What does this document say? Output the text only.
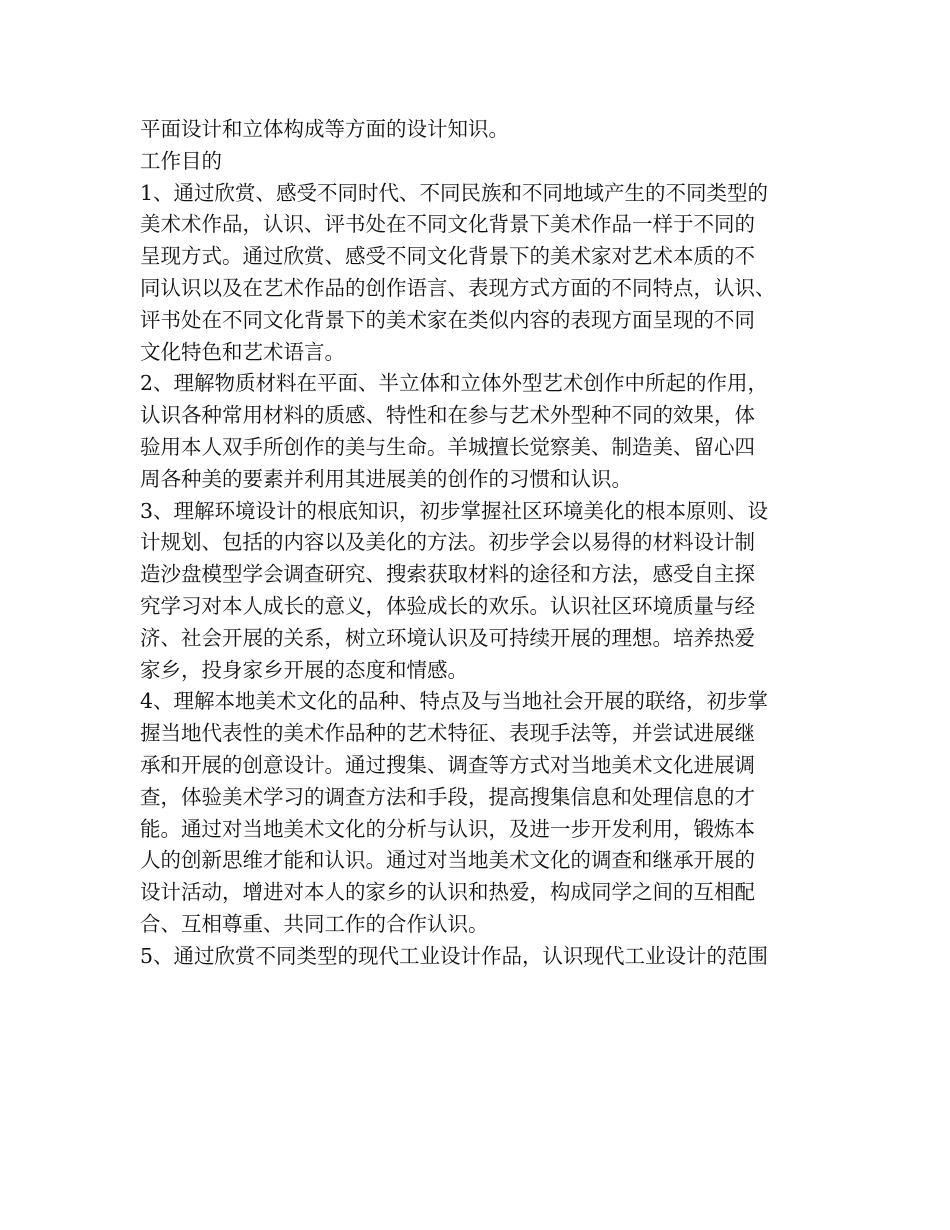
平面设计和立体构成等方面的设计知识。
工作目的
1、通过欣赏、感受不同时代、不同民族和不同地域产生的不同类型的
美术术作品，认识、评书处在不同文化背景下美术作品一样于不同的
呈现方式。通过欣赏、感受不同文化背景下的美术家对艺术本质的不
同认识以及在艺术作品的创作语言、表现方式方面的不同特点，认识、
评书处在不同文化背景下的美术家在类似内容的表现方面呈现的不同
文化特色和艺术语言。
2、理解物质材料在平面、半立体和立体外型艺术创作中所起的作用，
认识各种常用材料的质感、特性和在参与艺术外型种不同的效果，体
验用本人双手所创作的美与生命。羊城擅长觉察美、制造美、留心四
周各种美的要素并利用其进展美的创作的习惯和认识。
3、理解环境设计的根底知识，初步掌握社区环境美化的根本原则、设
计规划、包括的内容以及美化的方法。初步学会以易得的材料设计制
造沙盘模型学会调查研究、搜索获取材料的途径和方法，感受自主探
究学习对本人成长的意义，体验成长的欢乐。认识社区环境质量与经
济、社会开展的关系，树立环境认识及可持续开展的理想。培养热爱
家乡，投身家乡开展的态度和情感。
4、理解本地美术文化的品种、特点及与当地社会开展的联络，初步掌
握当地代表性的美术作品种的艺术特征、表现手法等，并尝试进展继
承和开展的创意设计。通过搜集、调查等方式对当地美术文化进展调
查，体验美术学习的调查方法和手段，提高搜集信息和处理信息的才
能。通过对当地美术文化的分析与认识，及进一步开发利用，锻炼本
人的创新思维才能和认识。通过对当地美术文化的调查和继承开展的
设计活动，增进对本人的家乡的认识和热爱，构成同学之间的互相配
合、互相尊重、共同工作的合作认识。
5、通过欣赏不同类型的现代工业设计作品，认识现代工业设计的范围
